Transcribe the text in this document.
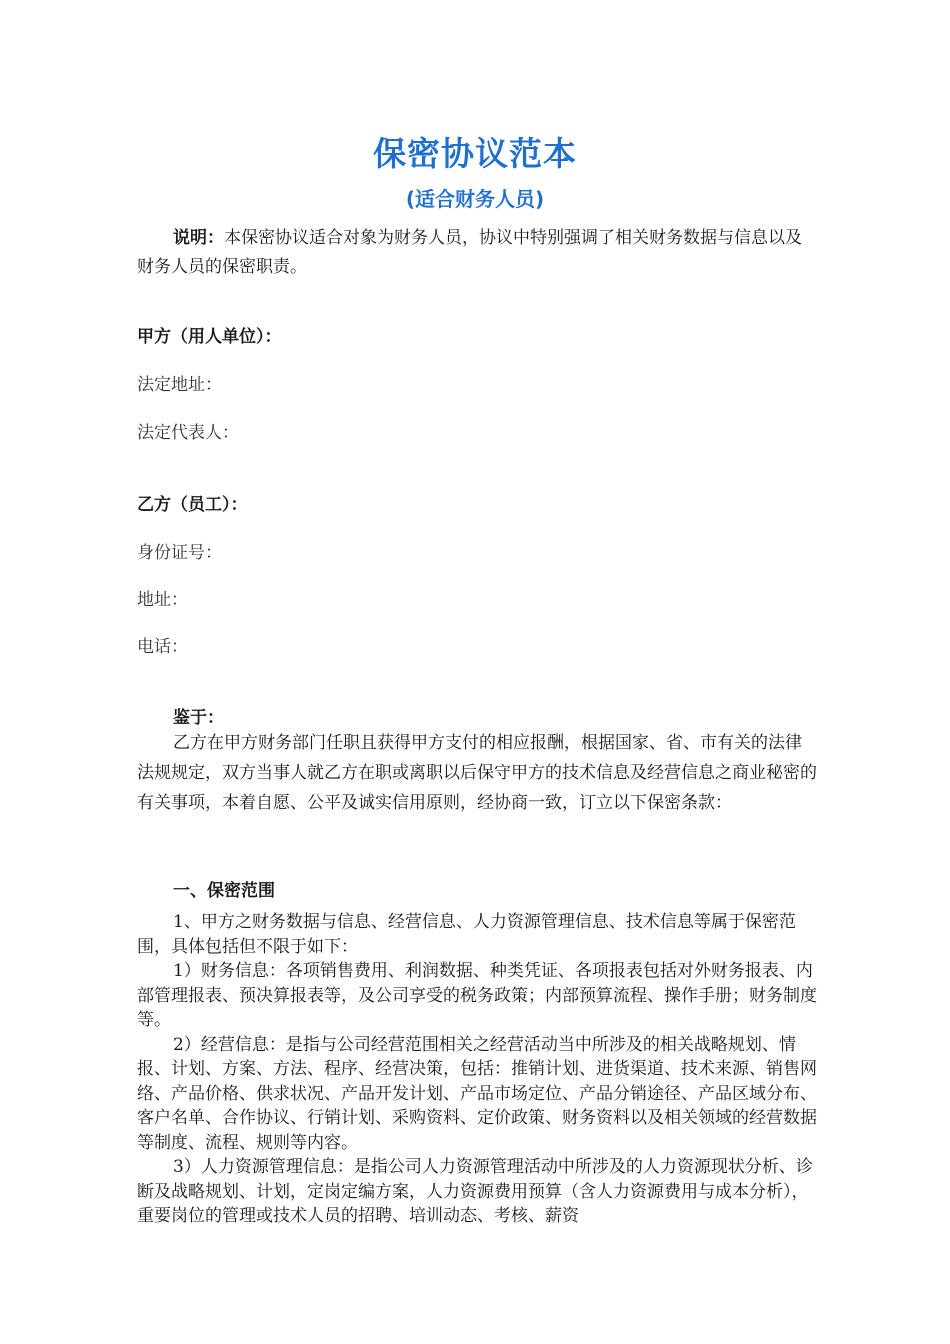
保密协议范本
(适合财务人员)
说明：本保密协议适合对象为财务人员，协议中特别强调了相关财务数据与信息以及财务人员的保密职责。
甲方（用人单位）：
法定地址：
法定代表人：
乙方（员工）：
身份证号：
地址：
电话：
鉴于：

乙方在甲方财务部门任职且获得甲方支付的相应报酬，根据国家、省、市有关的法律法规规定，双方当事人就乙方在职或离职以后保守甲方的技术信息及经营信息之商业秘密的有关事项，本着自愿、公平及诚实信用原则，经协商一致，订立以下保密条款：

一、保密范围

1、甲方之财务数据与信息、经营信息、人力资源管理信息、技术信息等属于保密范围，具体包括但不限于如下：

1）财务信息：各项销售费用、利润数据、种类凭证、各项报表包括对外财务报表、内部管理报表、预决算报表等，及公司享受的税务政策；内部预算流程、操作手册；财务制度等。

2）经营信息：是指与公司经营范围相关之经营活动当中所涉及的相关战略规划、情报、计划、方案、方法、程序、经营决策，包括：推销计划、进货渠道、技术来源、销售网络、产品价格、供求状况、产品开发计划、产品市场定位、产品分销途径、产品区域分布、客户名单、合作协议、行销计划、采购资料、定价政策、财务资料以及相关领域的经营数据等制度、流程、规则等内容。

3）人力资源管理信息：是指公司人力资源管理活动中所涉及的人力资源现状分析、诊断及战略规划、计划，定岗定编方案，人力资源费用预算（含人力资源费用与成本分析），重要岗位的管理或技术人员的招聘、培训动态、考核、薪资
